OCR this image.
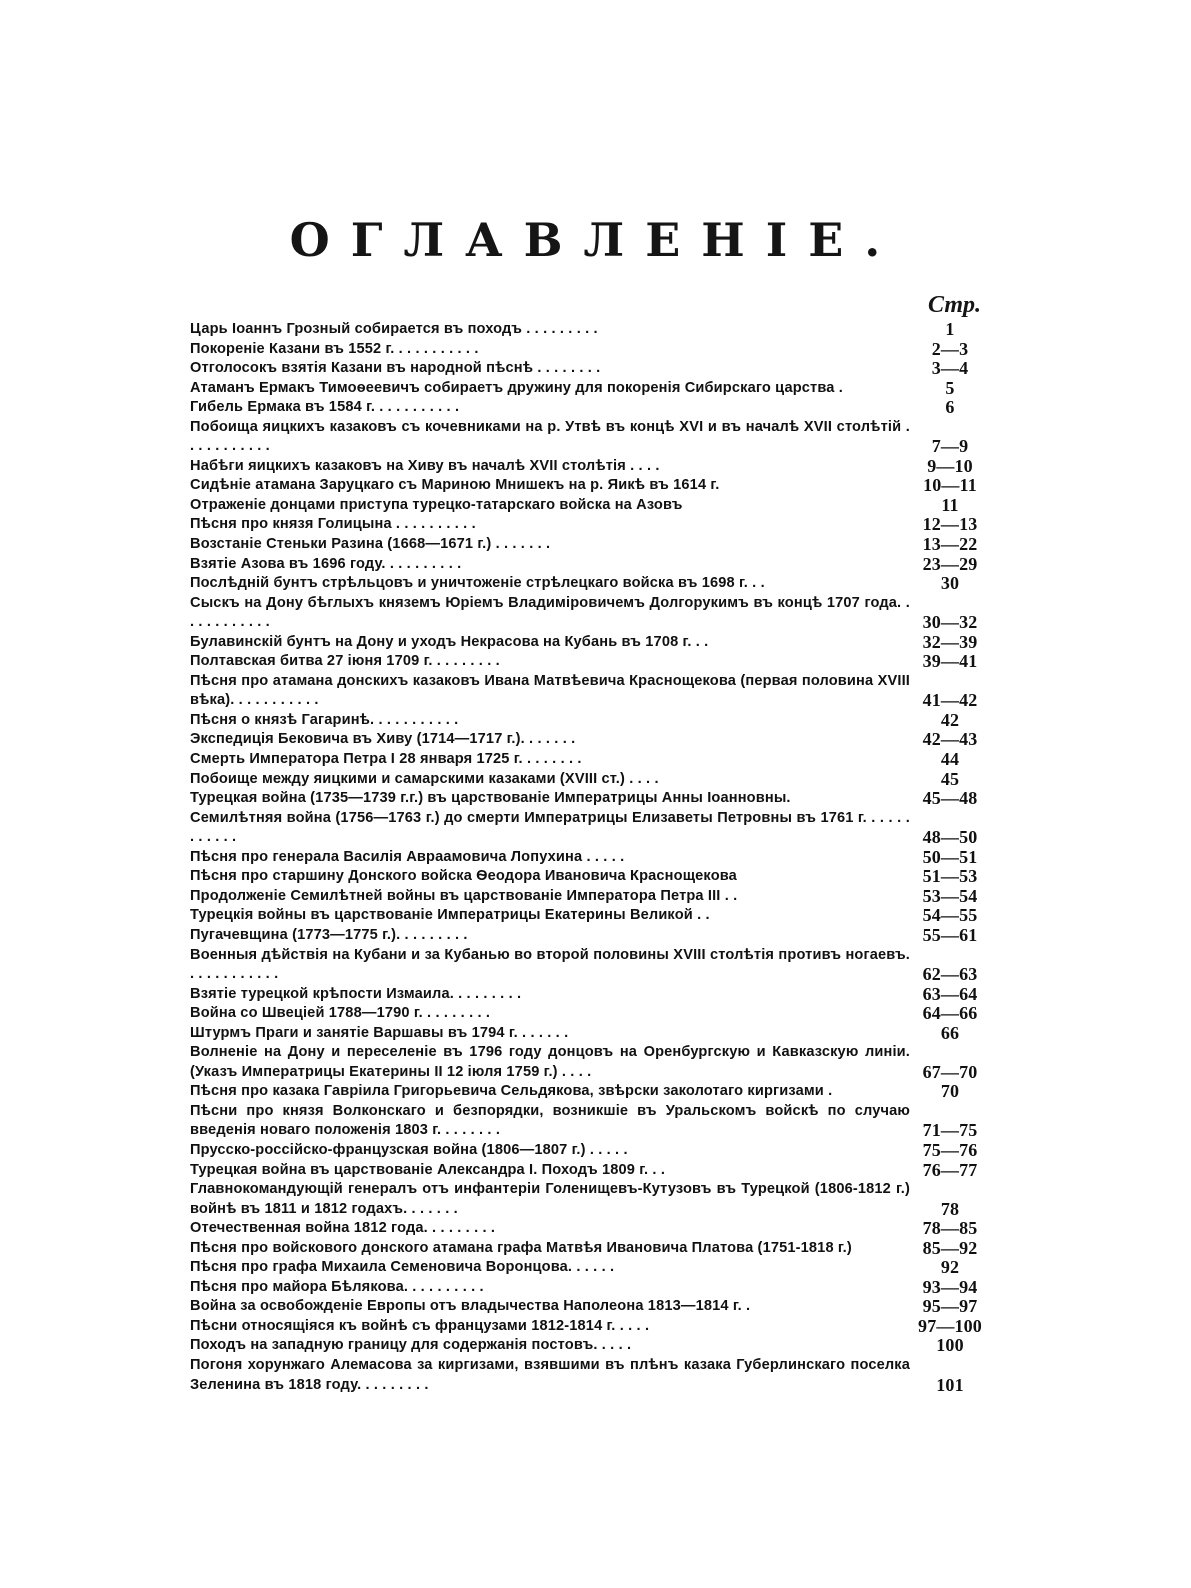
ОГЛАВЛЕНІЕ.
Стр.
Царь Іоаннъ Грозный собирается въ походъ . . . . . . . . .	1
Покореніе Казани въ 1552 г. . . . . . . . . . .	2—3
Отголосокъ взятія Казани въ народной пѣснѣ . . . . . . . .	3—4
Атаманъ Ермакъ Тимоѳеевичъ собираетъ дружину для покоренія Сибирскаго царства .	5
Гибель Ермака въ 1584 г. . . . . . . . . . .	6
Побоища яицкихъ казаковъ съ кочевниками на р. Утвѣ въ концѣ XVI и въ началѣ XVII столѣтій . . . . . . . . . . .	7—9
Набѣги яицкихъ казаковъ на Хиву въ началѣ XVII столѣтія . . . .	9—10
Сидѣніе атамана Заруцкаго съ Мариною Мнишекъ на р. Яикѣ въ 1614 г.	10—11
Отраженіе донцами приступа турецко-татарскаго войска на Азовъ	11
Пѣсня про князя Голицына . . . . . . . . . .	12—13
Возстаніе Стеньки Разина (1668—1671 г.) . . . . . . .	13—22
Взятіе Азова въ 1696 году. . . . . . . . . .	23—29
Послѣдній бунтъ стрѣльцовъ и уничтоженіе стрѣлецкаго войска въ 1698 г. . .	30
Сыскъ на Дону бѣглыхъ княземъ Юріемъ Владиміровичемъ Долгорукимъ въ концѣ 1707 года. . . . . . . . . . . .	30—32
Булавинскій бунтъ на Дону и уходъ Некрасова на Кубань въ 1708 г. . .	32—39
Полтавская битва 27 іюня 1709 г. . . . . . . . .	39—41
Пѣсня про атамана донскихъ казаковъ Ивана Матвѣевича Краснощекова (первая половина XVIII вѣка). . . . . . . . . . .	41—42
Пѣсня о князѣ Гагаринѣ. . . . . . . . . . .	42
Экспедиція Бековича въ Хиву (1714—1717 г.). . . . . . .	42—43
Смерть Императора Петра I 28 января 1725 г. . . . . . . .	44
Побоище между яицкими и самарскими казаками (XVIII ст.) . . . .	45
Турецкая война (1735—1739 г.г.) въ царствованіе Императрицы Анны Іоанновны.	45—48
Семилѣтняя война (1756—1763 г.) до смерти Императрицы Елизаветы Петровны въ 1761 г. . . . . . . . . . . .	48—50
Пѣсня про генерала Василія Авраамовича Лопухина . . . . .	50—51
Пѣсня про старшину Донского войска Ѳеодора Ивановича Краснощекова	51—53
Продолженіе Семилѣтней войны въ царствованіе Императора Петра III . .	53—54
Турецкія войны въ царствованіе Императрицы Екатерины Великой . .	54—55
Пугачевщина (1773—1775 г.). . . . . . . . .	55—61
Военныя дѣйствія на Кубани и за Кубанью во второй половины XVIII столѣтія противъ ногаевъ. . . . . . . . . . . .	62—63
Взятіе турецкой крѣпости Измаила. . . . . . . . .	63—64
Война со Швеціей 1788—1790 г. . . . . . . . .	64—66
Штурмъ Праги и занятіе Варшавы въ 1794 г. . . . . . .	66
Волненіе на Дону и переселеніе въ 1796 году донцовъ на Оренбургскую и Кавказскую линіи. (Указъ Императрицы Екатерины II 12 іюля 1759 г.) . . . .	67—70
Пѣсня про казака Гавріила Григорьевича Сельдякова, звѣрски заколотаго киргизами .	70
Пѣсни про князя Волконскаго и безпорядки, возникшіе въ Уральскомъ войскѣ по случаю введенія новаго положенія 1803 г. . . . . . . .	71—75
Прусско-россійско-французская война (1806—1807 г.) . . . . .	75—76
Турецкая война въ царствованіе Александра I. Походъ 1809 г. . .	76—77
Главнокомандующій генералъ отъ инфантеріи Голенищевъ-Кутузовъ въ Турецкой (1806-1812 г.) войнѣ въ 1811 и 1812 годахъ. . . . . . .	78
Отечественная война 1812 года. . . . . . . . .	78—85
Пѣсня про войскового донского атамана графа Матвѣя Ивановича Платова (1751-1818 г.)	85—92
Пѣсня про графа Михаила Семеновича Воронцова. . . . . .	92
Пѣсня про майора Бѣлякова. . . . . . . . . .	93—94
Война за освобожденіе Европы отъ владычества Наполеона 1813—1814 г. .	95—97
Пѣсни относящіяся къ войнѣ съ французами 1812-1814 г. . . . .	97—100
Походъ на западную границу для содержанія постовъ. . . . .	100
Погоня хорунжаго Алемасова за киргизами, взявшими въ плѣнъ казака Губерлинскаго поселка Зеленина въ 1818 году. . . . . . . . .	101
